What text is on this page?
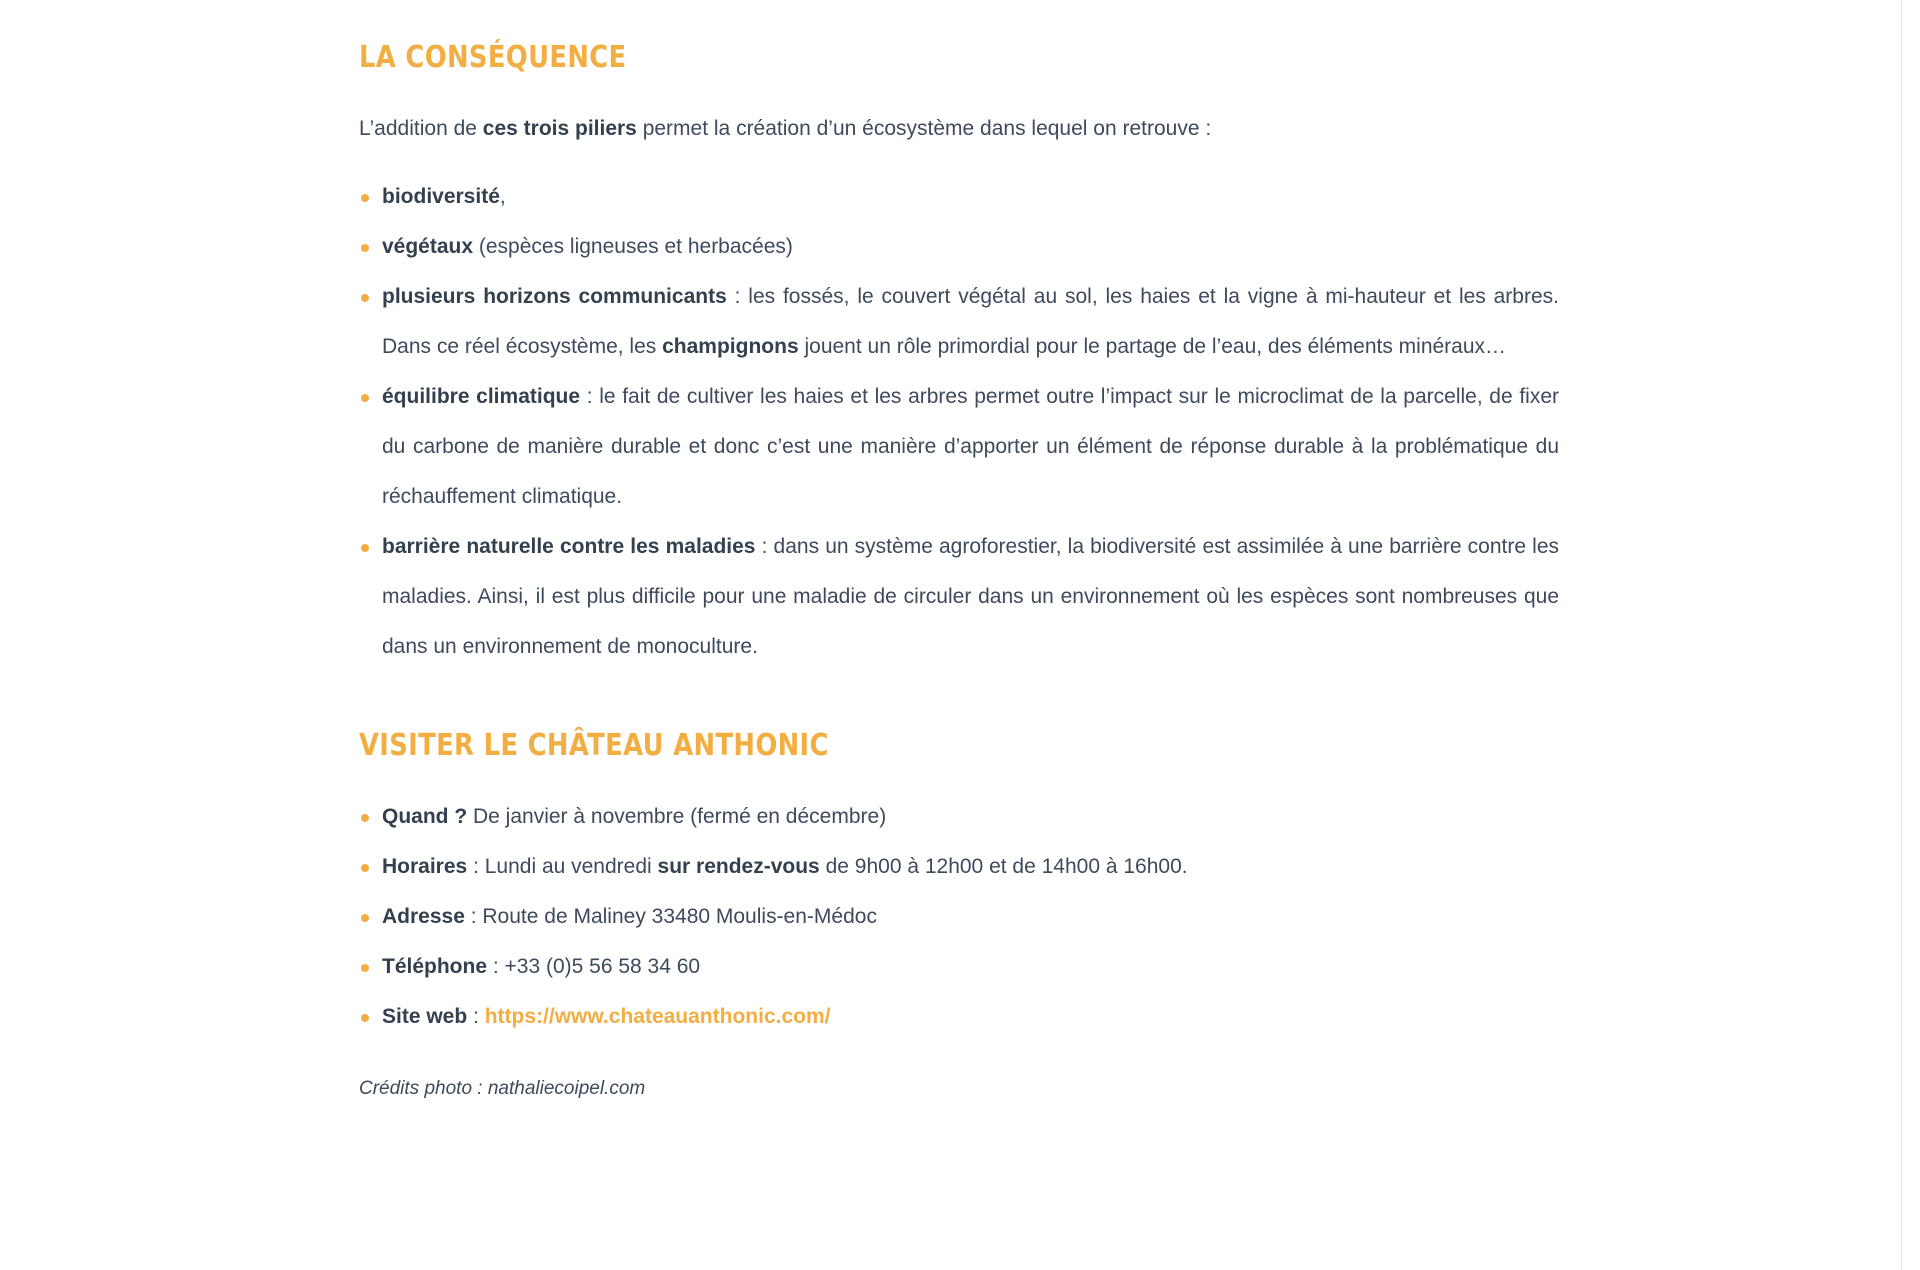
LA CONSÉQUENCE

L’addition de ces trois piliers permet la création d’un écosystème dans lequel on retrouve :

biodiversité,
végétaux (espèces ligneuses et herbacées)
plusieurs horizons communicants : les fossés, le couvert végétal au sol, les haies et la vigne à mi-hauteur et les arbres. Dans ce réel écosystème, les champignons jouent un rôle primordial pour le partage de l’eau, des éléments minéraux…
équilibre climatique : le fait de cultiver les haies et les arbres permet outre l’impact sur le microclimat de la parcelle, de fixer du carbone de manière durable et donc c’est une manière d’apporter un élément de réponse durable à la problématique du réchauffement climatique.
barrière naturelle contre les maladies : dans un système agroforestier, la biodiversité est assimilée à une barrière contre les maladies. Ainsi, il est plus difficile pour une maladie de circuler dans un environnement où les espèces sont nombreuses que dans un environnement de monoculture.
VISITER LE CHÂTEAU ANTHONIC
Quand ? De janvier à novembre (fermé en décembre)
Horaires : Lundi au vendredi sur rendez-vous de 9h00 à 12h00 et de 14h00 à 16h00.
Adresse : Route de Maliney 33480 Moulis-en-Médoc
Téléphone : +33 (0)5 56 58 34 60
Site web : https://www.chateauanthonic.com/

Crédits photo : nathaliecoipel.com
